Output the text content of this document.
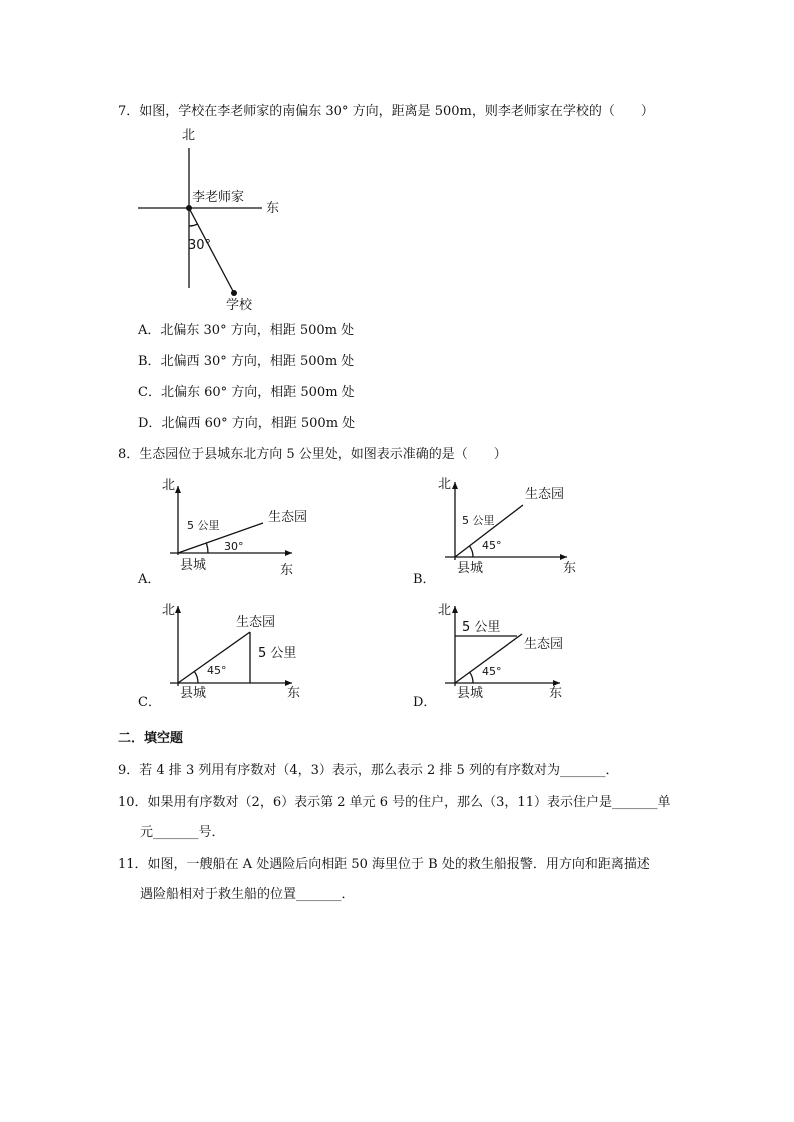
7．如图，学校在李老师家的南偏东 30° 方向，距离是 500m，则李老师家在学校的（　　）
北
东
李老师家
30°
学校
A．北偏东 30° 方向，相距 500m 处
B．北偏西 30° 方向，相距 500m 处
C．北偏东 60° 方向，相距 500m 处
D．北偏西 60° 方向，相距 500m 处
8．生态园位于县城东北方向 5 公里处，如图表示准确的是（　　）
北
生态园
5 公里
30°
县城	东
A．
北
生态园
5 公里
45°
县城	东
B．
北
生态园
5 公里
45°
县城	东
C．
北
5 公里
生态园
45°
县城	东
D．
二．填空题
9．若 4 排 3 列用有序数对（4，3）表示，那么表示 2 排 5 列的有序数对为_______．
10．如果用有序数对（2，6）表示第 2 单元 6 号的住户，那么（3，11）表示住户是_______单
元_______号．
11．如图，一艘船在 A 处遇险后向相距 50 海里位于 B 处的救生船报警．用方向和距离描述
遇险船相对于救生船的位置_______．
